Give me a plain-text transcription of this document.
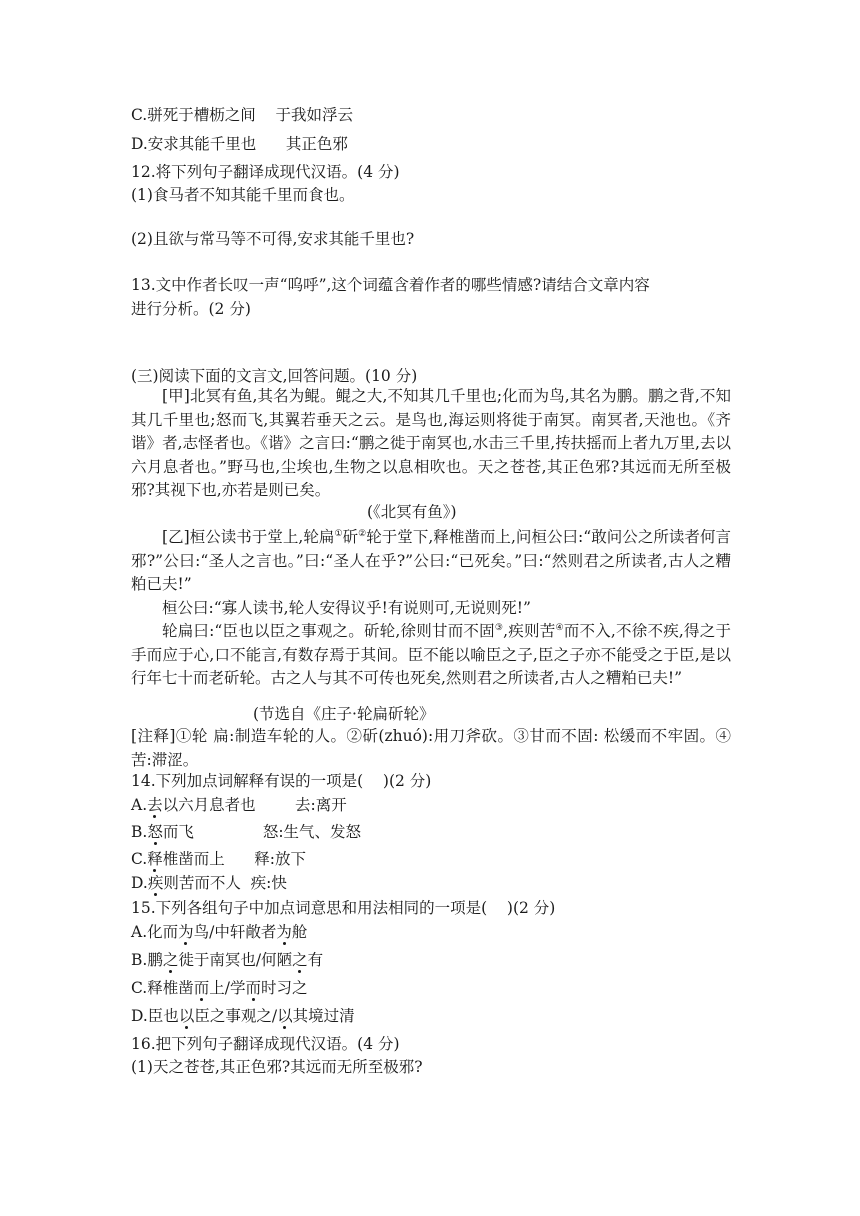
C.骈死于槽枥之间    于我如浮云
D.安求其能千里也      其正色邪
12.将下列句子翻译成现代汉语。(4 分)
(1)食马者不知其能千里而食也。
(2)且欲与常马等不可得,安求其能千里也?
13.文中作者长叹一声“呜呼”,这个词蕴含着作者的哪些情感?请结合文章内容
进行分析。(2 分)
(三)阅读下面的文言文,回答问题。(10 分)
[甲]北冥有鱼,其名为鲲。鲲之大,不知其几千里也;化而为鸟,其名为鹏。鹏之背,不知其几千里也;怒而飞,其翼若垂天之云。是鸟也,海运则将徙于南冥。南冥者,天池也。《齐谐》者,志怪者也。《谐》之言曰:“鹏之徙于南冥也,水击三千里,抟扶摇而上者九万里,去以六月息者也。”野马也,尘埃也,生物之以息相吹也。天之苍苍,其正色邪?其远而无所至极邪?其视下也,亦若是则已矣。
(《北冥有鱼》)
[乙]桓公读书于堂上,轮扁①斫②轮于堂下,释椎凿而上,问桓公曰:“敢问公之所读者何言邪?”公曰:“圣人之言也。”曰:“圣人在乎?”公曰:“已死矣。”曰:“然则君之所读者,古人之糟粕已夫!”
桓公曰:“寡人读书,轮人安得议乎!有说则可,无说则死!”
轮扁曰:“臣也以臣之事观之。斫轮,徐则甘而不固③,疾则苦④而不入,不徐不疾,得之于手而应于心,口不能言,有数存焉于其间。臣不能以喻臣之子,臣之子亦不能受之于臣,是以行年七十而老斫轮。古之人与其不可传也死矣,然则君之所读者,古人之糟粕已夫!”
(节选自《庄子·轮扁斫轮》
[注释]①轮 扁:制造车轮的人。②斫(zhuó):用刀斧砍。③甘而不固: 松缓而不牢固。④苦:滞涩。
14.下列加点词解释有误的一项是(    )(2 分)
A.去以六月息者也        去:离开
B.怒而飞              怒:生气、发怒
C.释椎凿而上      释:放下
D.疾则苦而不人  疾:快
15.下列各组句子中加点词意思和用法相同的一项是(    )(2 分)
A.化而为鸟/中轩敞者为舱
B.鹏之徙于南冥也/何陋之有
C.释椎凿而上/学而时习之
D.臣也以臣之事观之/以其境过清
16.把下列句子翻译成现代汉语。(4 分)
(1)天之苍苍,其正色邪?其远而无所至极邪?
